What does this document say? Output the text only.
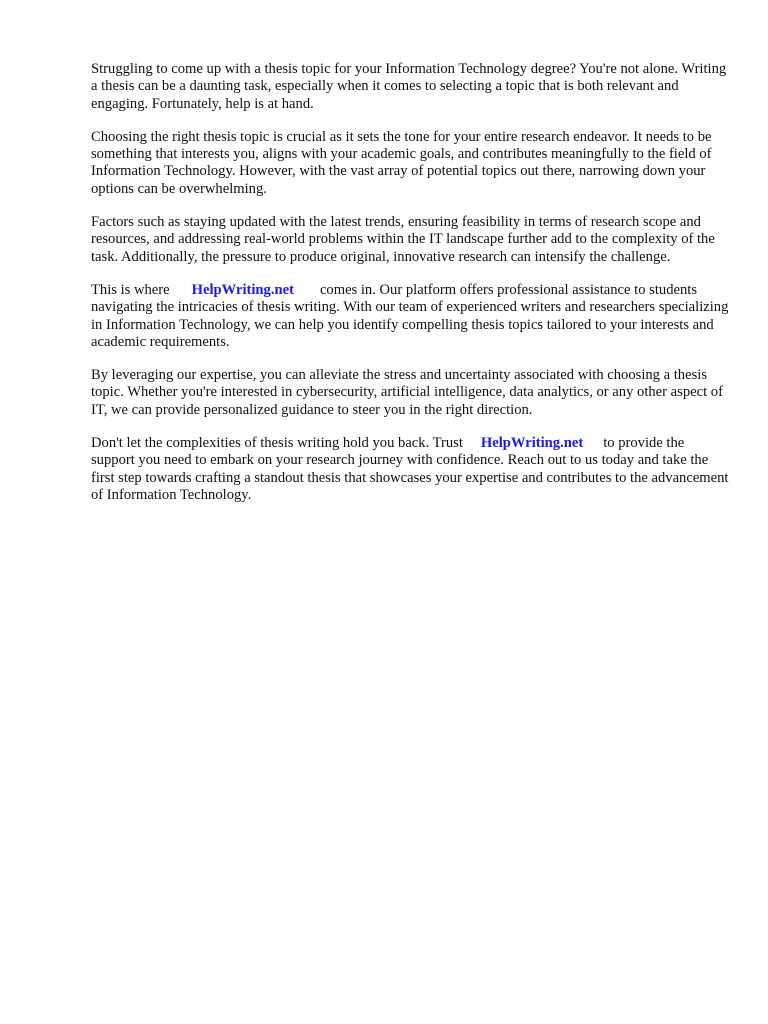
Struggling to come up with a thesis topic for your Information Technology degree? You're not alone. Writing a thesis can be a daunting task, especially when it comes to selecting a topic that is both relevant and engaging. Fortunately, help is at hand.

Choosing the right thesis topic is crucial as it sets the tone for your entire research endeavor. It needs to be something that interests you, aligns with your academic goals, and contributes meaningfully to the field of Information Technology. However, with the vast array of potential topics out there, narrowing down your options can be overwhelming.

Factors such as staying updated with the latest trends, ensuring feasibility in terms of research scope and resources, and addressing real-world problems within the IT landscape further add to the complexity of the task. Additionally, the pressure to produce original, innovative research can intensify the challenge.

This is where HelpWriting.net comes in. Our platform offers professional assistance to students navigating the intricacies of thesis writing. With our team of experienced writers and researchers specializing in Information Technology, we can help you identify compelling thesis topics tailored to your interests and academic requirements.

By leveraging our expertise, you can alleviate the stress and uncertainty associated with choosing a thesis topic. Whether you're interested in cybersecurity, artificial intelligence, data analytics, or any other aspect of IT, we can provide personalized guidance to steer you in the right direction.

Don't let the complexities of thesis writing hold you back. Trust HelpWriting.net to provide the support you need to embark on your research journey with confidence. Reach out to us today and take the first step towards crafting a standout thesis that showcases your expertise and contributes to the advancement of Information Technology.
